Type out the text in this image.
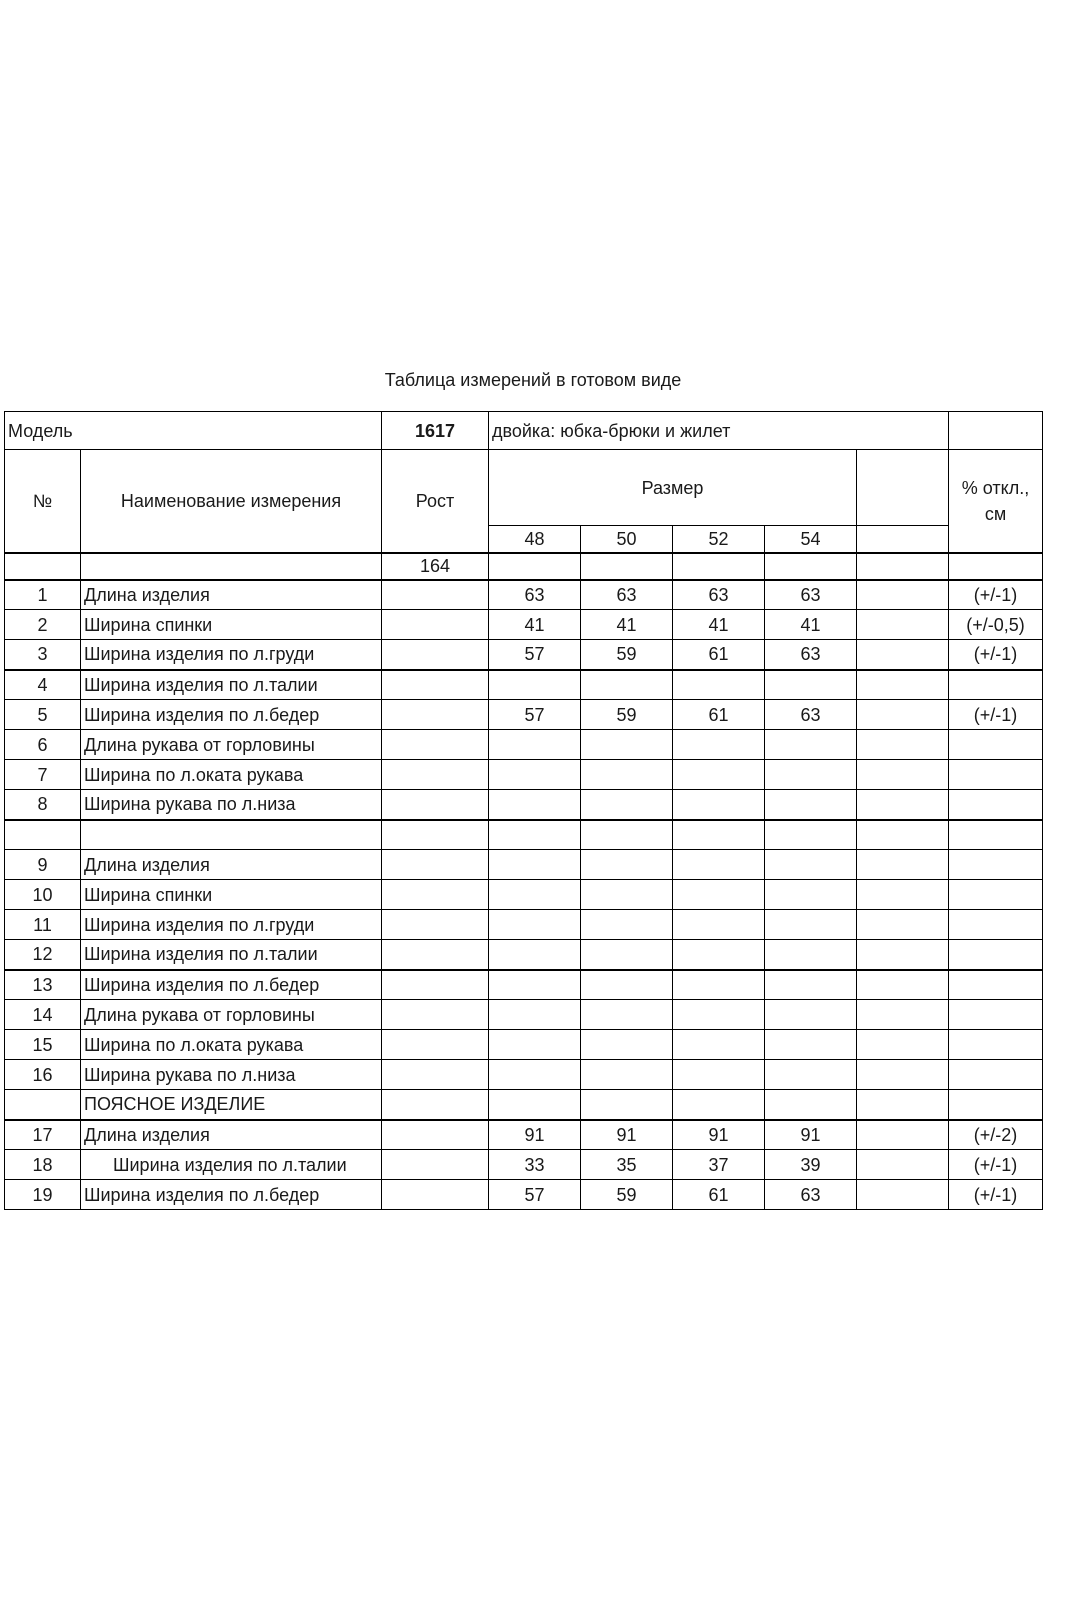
Таблица измерений в готовом виде
Модель		1617	двойка: юбка-брюки и жилет					
№	Наименование измерения	Рост	Размер					% откл., см
			48	50	52	54		
		164						
1	Длина изделия		63	63	63	63		(+/-1)
2	Ширина спинки		41	41	41	41		(+/-0,5)
3	Ширина изделия по л.груди		57	59	61	63		(+/-1)
4	Ширина изделия по л.талии							
5	Ширина изделия по л.бедер		57	59	61	63		(+/-1)
6	Длина рукава от горловины							
7	Ширина по л.оката рукава							
8	Ширина рукава по л.низа							

9	Длина изделия							
10	Ширина спинки							
11	Ширина изделия по л.груди							
12	Ширина изделия по л.талии							
13	Ширина изделия по л.бедер							
14	Длина рукава от горловины							
15	Ширина по л.оката рукава							
16	Ширина рукава по л.низа							
	ПОЯСНОЕ ИЗДЕЛИЕ							
17	Длина изделия		91	91	91	91		(+/-2)
18	Ширина изделия по л.талии		33	35	37	39		(+/-1)
19	Ширина изделия по л.бедер		57	59	61	63		(+/-1)
